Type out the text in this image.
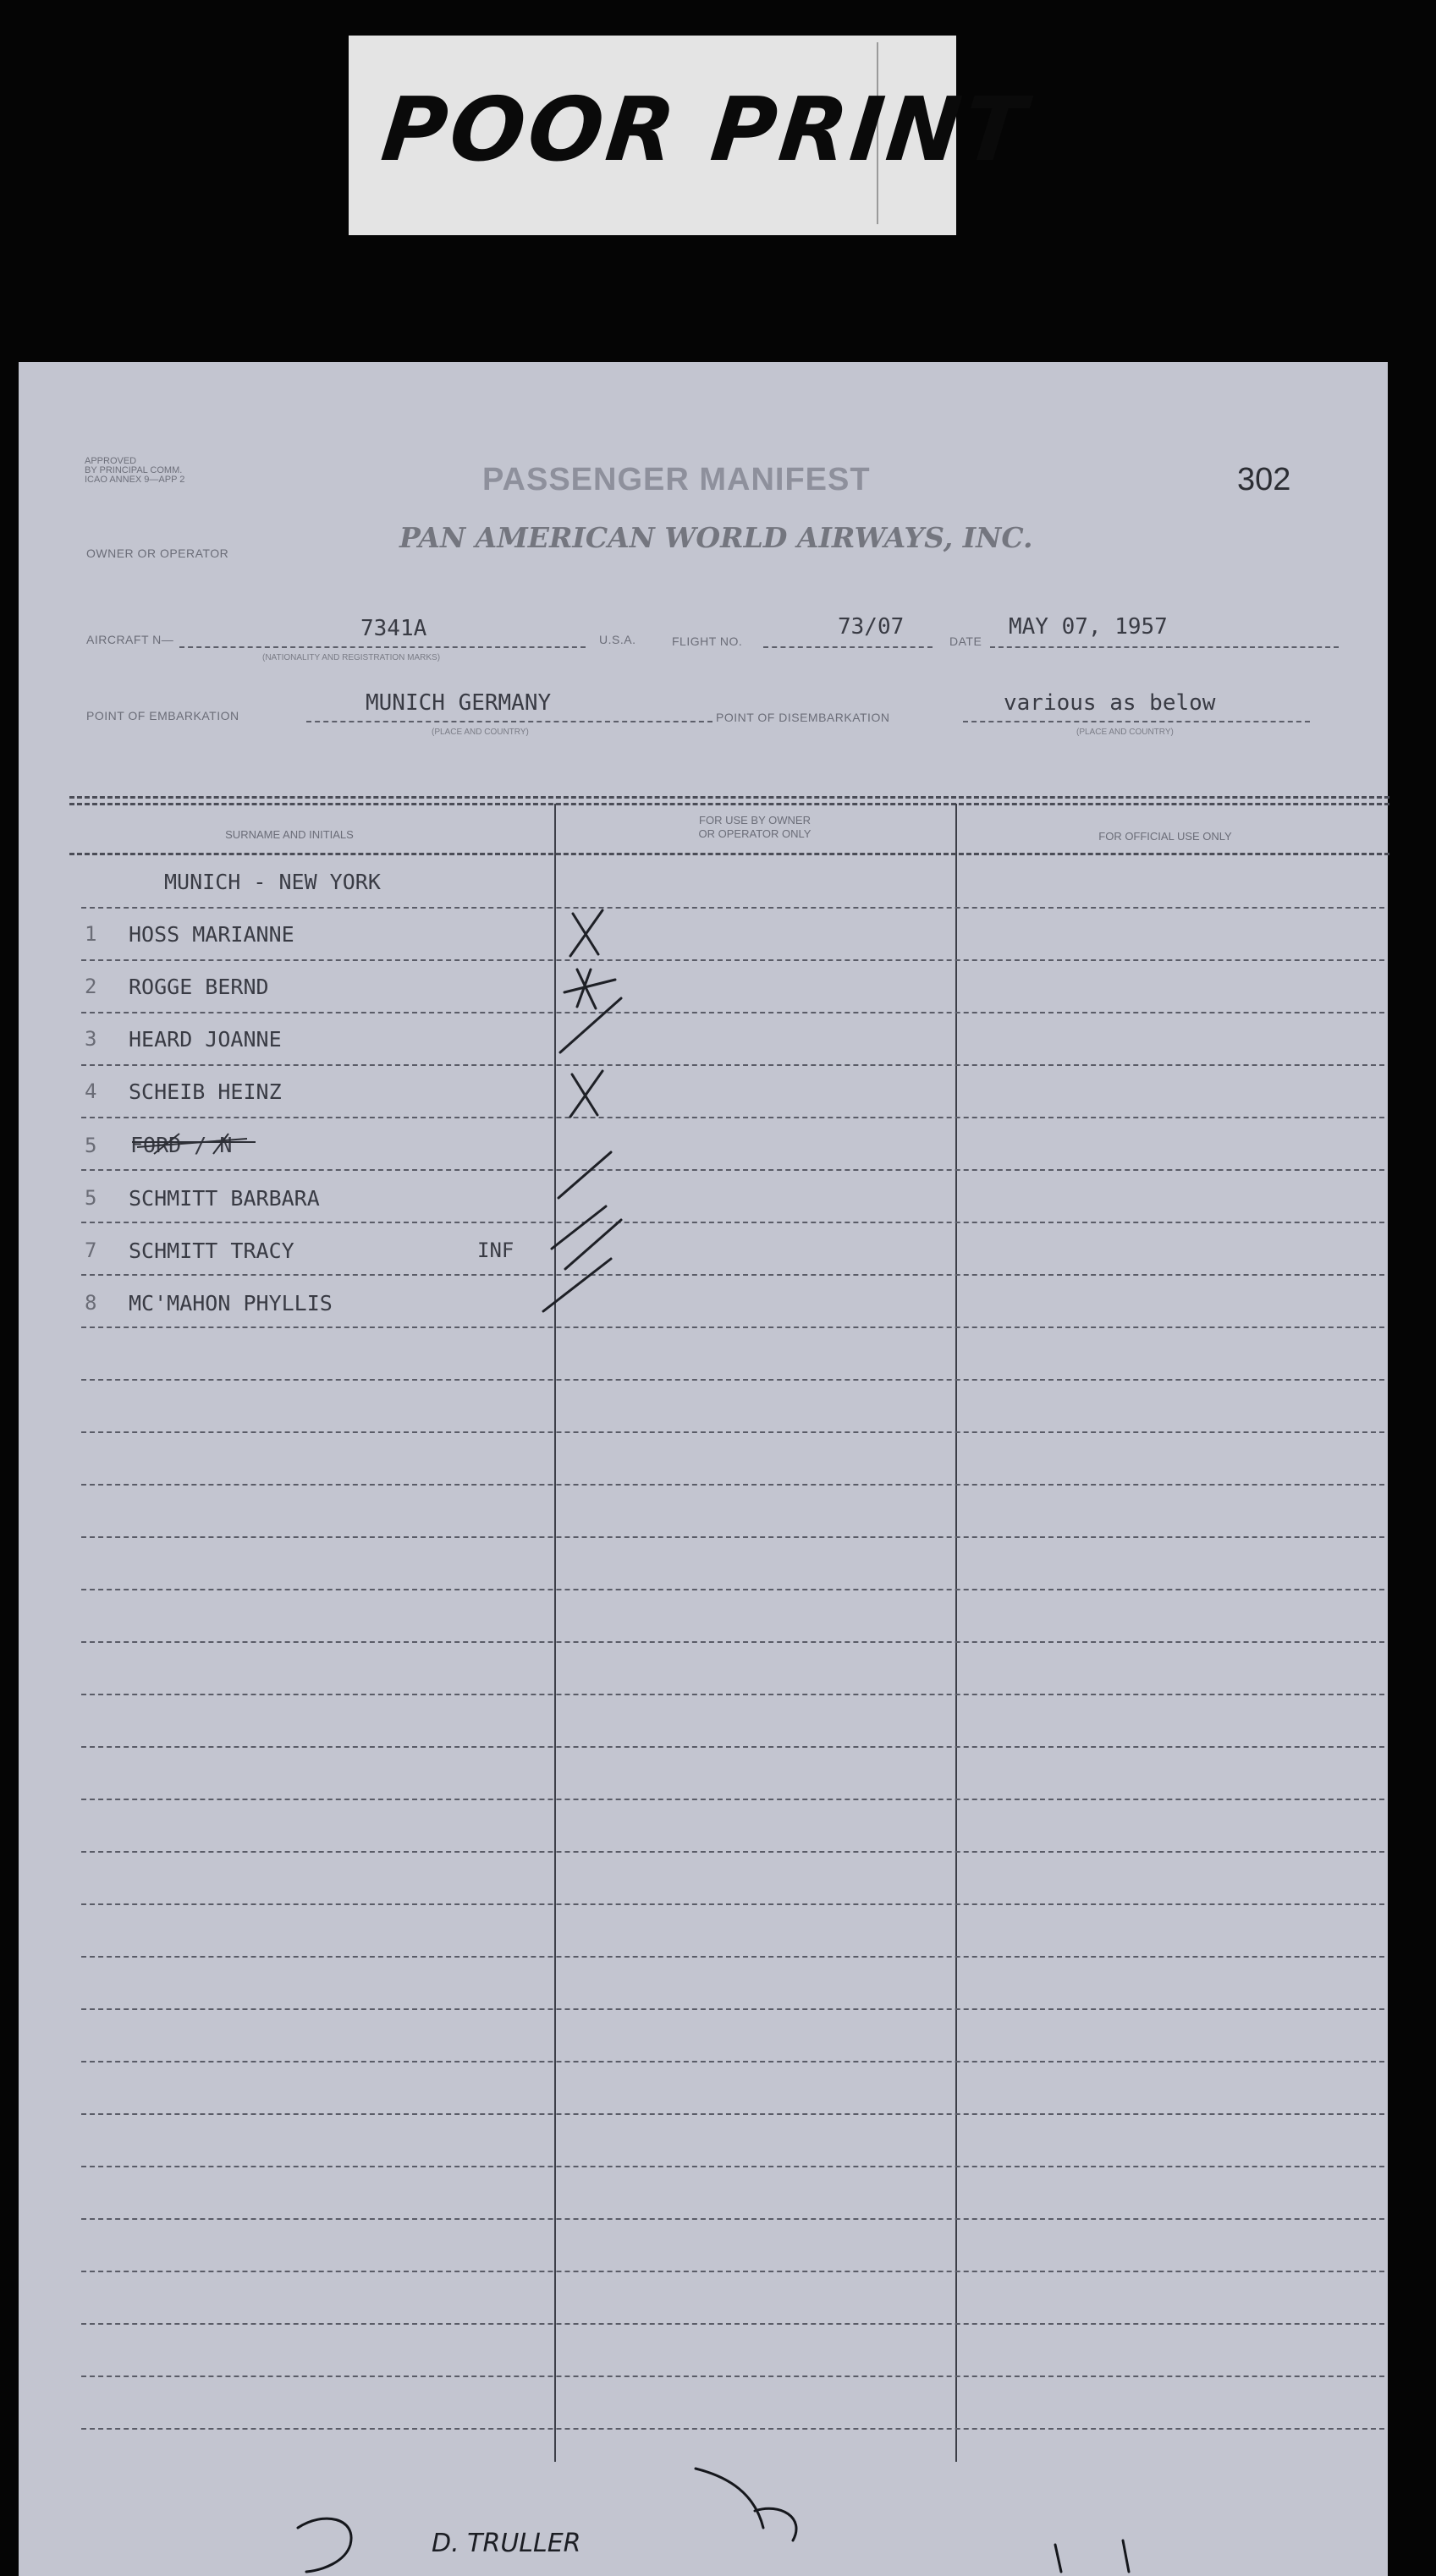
POOR PRINT
APPROVED
BY PRINCIPAL COMM.
ICAO ANNEX 9—APP 2	PASSENGER MANIFEST	302
OWNER OR OPERATOR	PAN AMERICAN WORLD AIRWAYS, INC.
AIRCRAFT N—	7341A
(NATIONALITY AND REGISTRATION MARKS)
U.S.A.	FLIGHT NO.
73/07
DATE
MAY 07, 1957
POINT OF EMBARKATION	MUNICH GERMANY
(PLACE AND COUNTRY)
POINT OF DISEMBARKATION
various as below
(PLACE AND COUNTRY)
SURNAME AND INITIALS
FOR USE BY OWNER
OR OPERATOR ONLY	FOR OFFICIAL USE ONLY
MUNICH - NEW YORK
1 HOSS MARIANNE
2 ROGGE BERND
3 HEARD JOANNE
4 SCHEIB HEINZ
5 FORD / N
5 SCHMITT BARBARA
7 SCHMITT TRACY	INF
8 MC'MAHON PHYLLIS
D. TRULLER
